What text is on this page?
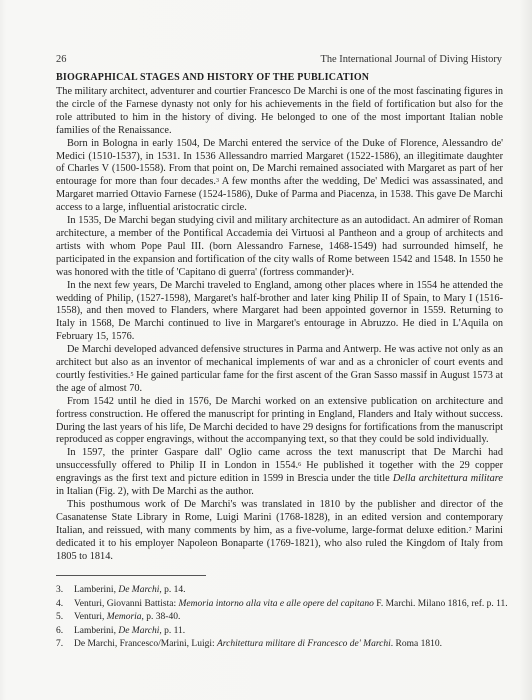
26	The International Journal of Diving History
BIOGRAPHICAL STAGES AND HISTORY OF THE PUBLICATION

The military architect, adventurer and courtier Francesco De Marchi is one of the most fascinating figures in the circle of the Farnese dynasty not only for his achievements in the field of fortification but also for the role attributed to him in the history of diving. He belonged to one of the most important Italian noble families of the Renaissance.

Born in Bologna in early 1504, De Marchi entered the service of the Duke of Florence, Alessandro de' Medici (1510-1537), in 1531. In 1536 Allessandro married Margaret (1522-1586), an illegitimate daughter of Charles V (1500-1558). From that point on, De Marchi remained associated with Margaret as part of her entourage for more than four decades.$^3$ A few months after the wedding, De' Medici was assassinated, and Margaret married Ottavio Farnese (1524-1586), Duke of Parma and Piacenza, in 1538. This gave De Marchi access to a large, influential aristocratic circle.

In 1535, De Marchi began studying civil and military architecture as an autodidact. An admirer of Roman architecture, a member of the Pontifical Accademia dei Virtuosi al Pantheon and a group of architects and artists with whom Pope Paul III. (born Alessandro Farnese, 1468-1549) had surrounded himself, he participated in the expansion and fortification of the city walls of Rome between 1542 and 1548. In 1550 he was honored with the title of 'Capitano di guerra' (fortress commander)$^4$.

In the next few years, De Marchi traveled to England, among other places where in 1554 he attended the wedding of Philip, (1527-1598), Margaret's half-brother and later king Philip II of Spain, to Mary I (1516-1558), and then moved to Flanders, where Margaret had been appointed governor in 1559. Returning to Italy in 1568, De Marchi continued to live in Margaret's entourage in Abruzzo. He died in L'Aquila on February 15, 1576.

De Marchi developed advanced defensive structures in Parma and Antwerp. He was active not only as an architect but also as an inventor of mechanical implements of war and as a chronicler of court events and courtly festivities.$^5$ He gained particular fame for the first ascent of the Gran Sasso massif in August 1573 at the age of almost 70.

From 1542 until he died in 1576, De Marchi worked on an extensive publication on architecture and fortress construction. He offered the manuscript for printing in England, Flanders and Italy without success. During the last years of his life, De Marchi decided to have 29 designs for fortifications from the manuscript reproduced as copper engravings, without the accompanying text, so that they could be sold individually.

In 1597, the printer Gaspare dall' Oglio came across the text manuscript that De Marchi had unsuccessfully offered to Philip II in London in 1554.$^6$ He published it together with the 29 copper engravings as the first text and picture edition in 1599 in Brescia under the title Della architettura militare in Italian (Fig. 2), with De Marchi as the author.

This posthumous work of De Marchi's was translated in 1810 by the publisher and director of the Casanatense State Library in Rome, Luigi Marini (1768-1828), in an edited version and contemporary Italian, and reissued, with many comments by him, as a five-volume, large-format deluxe edition.$^7$ Marini dedicated it to his employer Napoleon Bonaparte (1769-1821), who also ruled the Kingdom of Italy from 1805 to 1814.

3. Lamberini, De Marchi, p. 14.
4. Venturi, Giovanni Battista: Memoria intorno alla vita e alle opere del capitano F. Marchi. Milano 1816, ref. p. 11.
5. Venturi, Memoria, p. 38-40.
6. Lamberini, De Marchi, p. 11.
7. De Marchi, Francesco/Marini, Luigi: Architettura militare di Francesco de' Marchi. Roma 1810.
